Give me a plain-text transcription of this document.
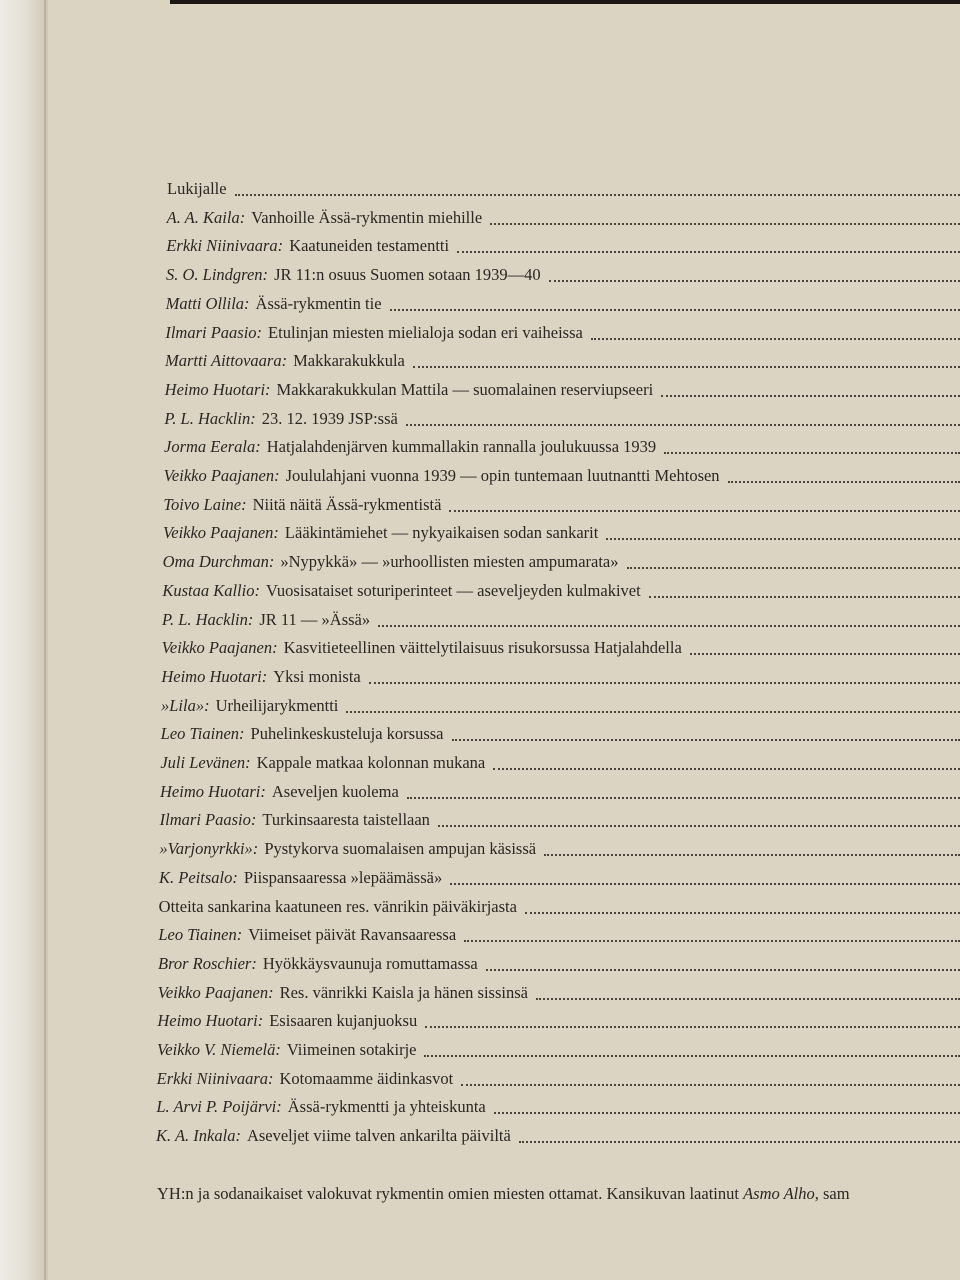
Lukijalle
A. A. Kaila: Vanhoille Ässä-rykmentin miehille
Erkki Niinivaara: Kaatuneiden testamentti
S. O. Lindgren: JR 11:n osuus Suomen sotaan 1939—40
Matti Ollila: Ässä-rykmentin tie
Ilmari Paasio: Etulinjan miesten mielialoja sodan eri vaiheissa
Martti Aittovaara: Makkarakukkula
Heimo Huotari: Makkarakukkulan Mattila — suomalainen reserviupseeri
P. L. Hacklin: 23. 12. 1939 JSP:ssä
Jorma Eerala: Hatjalahdenjärven kummallakin rannalla joulukuussa 1939
Veikko Paajanen: Joululahjani vuonna 1939 — opin tuntemaan luutnantti Mehtosen
Toivo Laine: Niitä näitä Ässä-rykmentistä
Veikko Paajanen: Lääkintämiehet — nykyaikaisen sodan sankarit
Oma Durchman: »Nypykkä» — »urhoollisten miesten ampumarata»
Kustaa Kallio: Vuosisataiset soturiperinteet — aseveljeyden kulmakivet
P. L. Hacklin: JR 11 — »Ässä»
Veikko Paajanen: Kasvitieteellinen väittelytilaisuus risukorsussa Hatjalahdella
Heimo Huotari: Yksi monista
»Lila»: Urheilijarykmentti
Leo Tiainen: Puhelinkeskusteluja korsussa
Juli Levänen: Kappale matkaa kolonnan mukana
Heimo Huotari: Aseveljen kuolema
Ilmari Paasio: Turkinsaaresta taistellaan
»Varjonyrkki»: Pystykorva suomalaisen ampujan käsissä
K. Peitsalo: Piispansaaressa »lepäämässä»
Otteita sankarina kaatuneen res. vänrikin päiväkirjasta
Leo Tiainen: Viimeiset päivät Ravansaaressa
Bror Roschier: Hyökkäysvaunuja romuttamassa
Veikko Paajanen: Res. vänrikki Kaisla ja hänen sissinsä
Heimo Huotari: Esisaaren kujanjuoksu
Veikko V. Niemelä: Viimeinen sotakirje
Erkki Niinivaara: Kotomaamme äidinkasvot
L. Arvi P. Poijärvi: Ässä-rykmentti ja yhteiskunta
K. A. Inkala: Aseveljet viime talven ankarilta päiviltä
YH:n ja sodanaikaiset valokuvat rykmentin omien miesten ottamat. Kansikuvan laatinut Asmo Alho, sam
